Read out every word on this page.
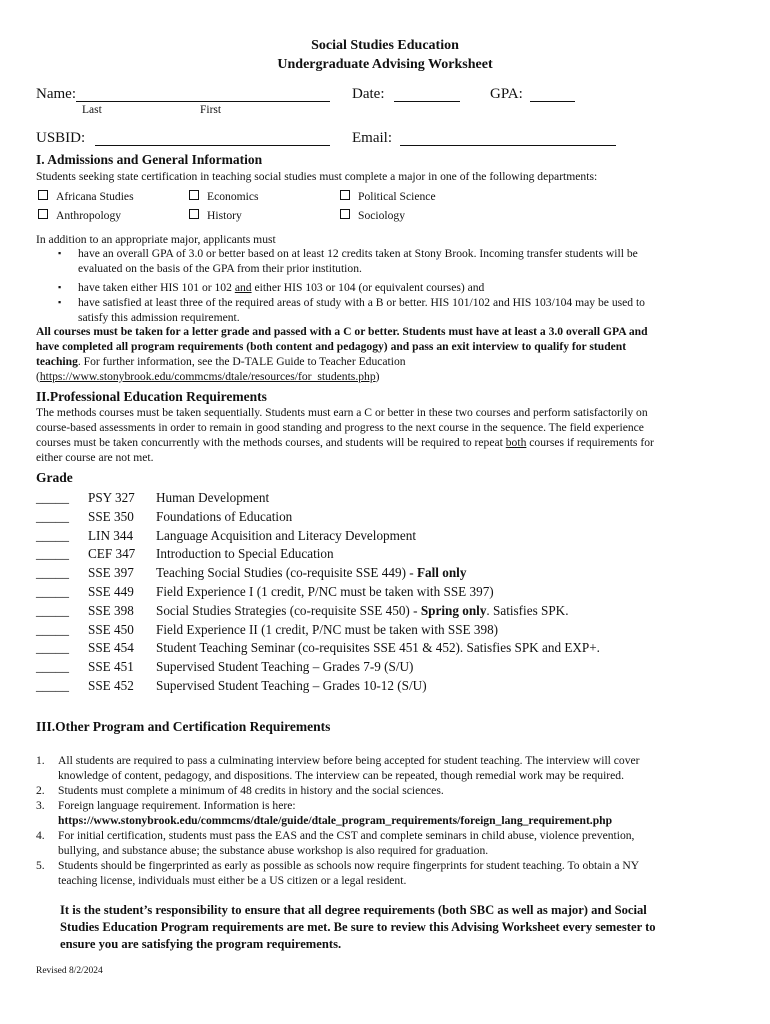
Social Studies Education
Undergraduate Advising Worksheet
Name:
Last	First
Date:	GPA:
USBID:	Email:
I. Admissions and General Information
Students seeking state certification in teaching social studies must complete a major in one of the following departments:
Africana Studies	Economics	Political Science
Anthropology	History	Sociology
In addition to an appropriate major, applicants must
▪ have an overall GPA of 3.0 or better based on at least 12 credits taken at Stony Brook. Incoming transfer students will be
evaluated on the basis of the GPA from their prior institution.
▪ have taken either HIS 101 or 102 and either HIS 103 or 104 (or equivalent courses) and
▪ have satisfied at least three of the required areas of study with a B or better. HIS 101/102 and HIS 103/104 may be used to
satisfy this admission requirement.
All courses must be taken for a letter grade and passed with a C or better. Students must have at least a 3.0 overall GPA and
have completed all program requirements (both content and pedagogy) and pass an exit interview to qualify for student
teaching. For further information, see the D-TALE Guide to Teacher Education
(https://www.stonybrook.edu/commcms/dtale/resources/for_students.php)
II.Professional Education Requirements
The methods courses must be taken sequentially. Students must earn a C or better in these two courses and perform satisfactorily on
course-based assessments in order to remain in good standing and progress to the next course in the sequence. The field experience
courses must be taken concurrently with the methods courses, and students will be required to repeat both courses if requirements for
either course are not met.
Grade
_____ PSY 327 Human Development
_____ SSE 350 Foundations of Education
_____ LIN 344 Language Acquisition and Literacy Development
_____ CEF 347 Introduction to Special Education
_____ SSE 397 Teaching Social Studies (co-requisite SSE 449) - Fall only
_____ SSE 449 Field Experience I (1 credit, P/NC must be taken with SSE 397)
_____ SSE 398 Social Studies Strategies (co-requisite SSE 450) - Spring only. Satisfies SPK.
_____ SSE 450 Field Experience II (1 credit, P/NC must be taken with SSE 398)
_____ SSE 454 Student Teaching Seminar (co-requisites SSE 451 & 452). Satisfies SPK and EXP+.
_____ SSE 451 Supervised Student Teaching – Grades 7-9 (S/U)
_____ SSE 452 Supervised Student Teaching – Grades 10-12 (S/U)
III.Other Program and Certification Requirements
1. All students are required to pass a culminating interview before being accepted for student teaching. The interview will cover
knowledge of content, pedagogy, and dispositions. The interview can be repeated, though remedial work may be required.
2. Students must complete a minimum of 48 credits in history and the social sciences.
3. Foreign language requirement. Information is here:
https://www.stonybrook.edu/commcms/dtale/guide/dtale_program_requirements/foreign_lang_requirement.php
4. For initial certification, students must pass the EAS and the CST and complete seminars in child abuse, violence prevention,
bullying, and substance abuse; the substance abuse workshop is also required for graduation.
5. Students should be fingerprinted as early as possible as schools now require fingerprints for student teaching. To obtain a NY
teaching license, individuals must either be a US citizen or a legal resident.
It is the student’s responsibility to ensure that all degree requirements (both SBC as well as major) and Social
Studies Education Program requirements are met. Be sure to review this Advising Worksheet every semester to
ensure you are satisfying the program requirements.
Revised 8/2/2024
